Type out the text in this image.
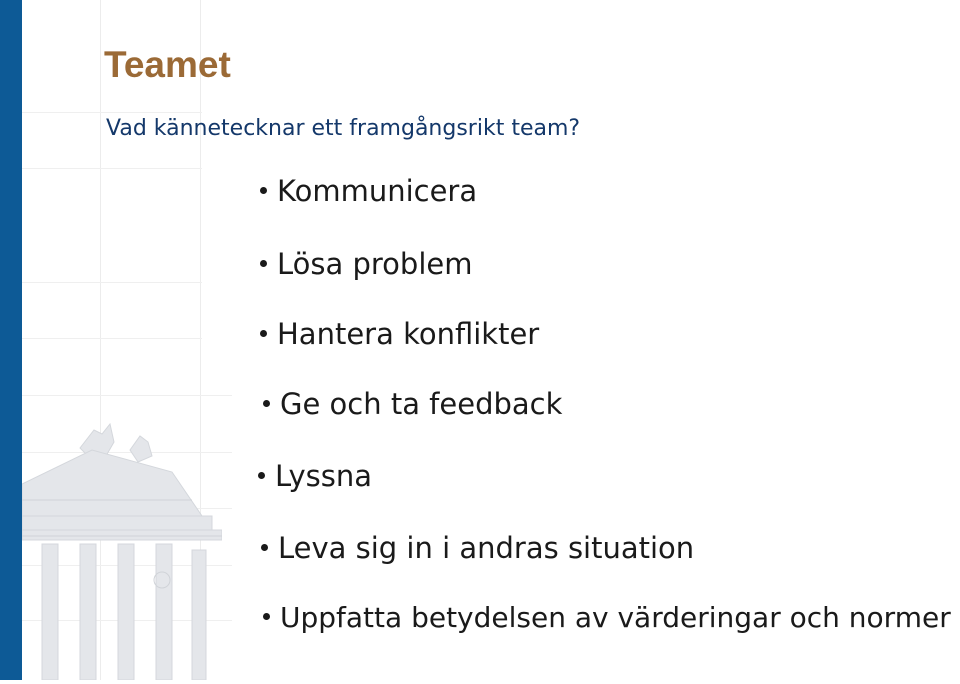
Teamet

Vad kännetecknar ett framgångsrikt team?

Kommunicera
Lösa problem
Hantera konflikter
Ge och ta feedback
Lyssna
Leva sig in i andras situation
Uppfatta betydelsen av värderingar och normer
